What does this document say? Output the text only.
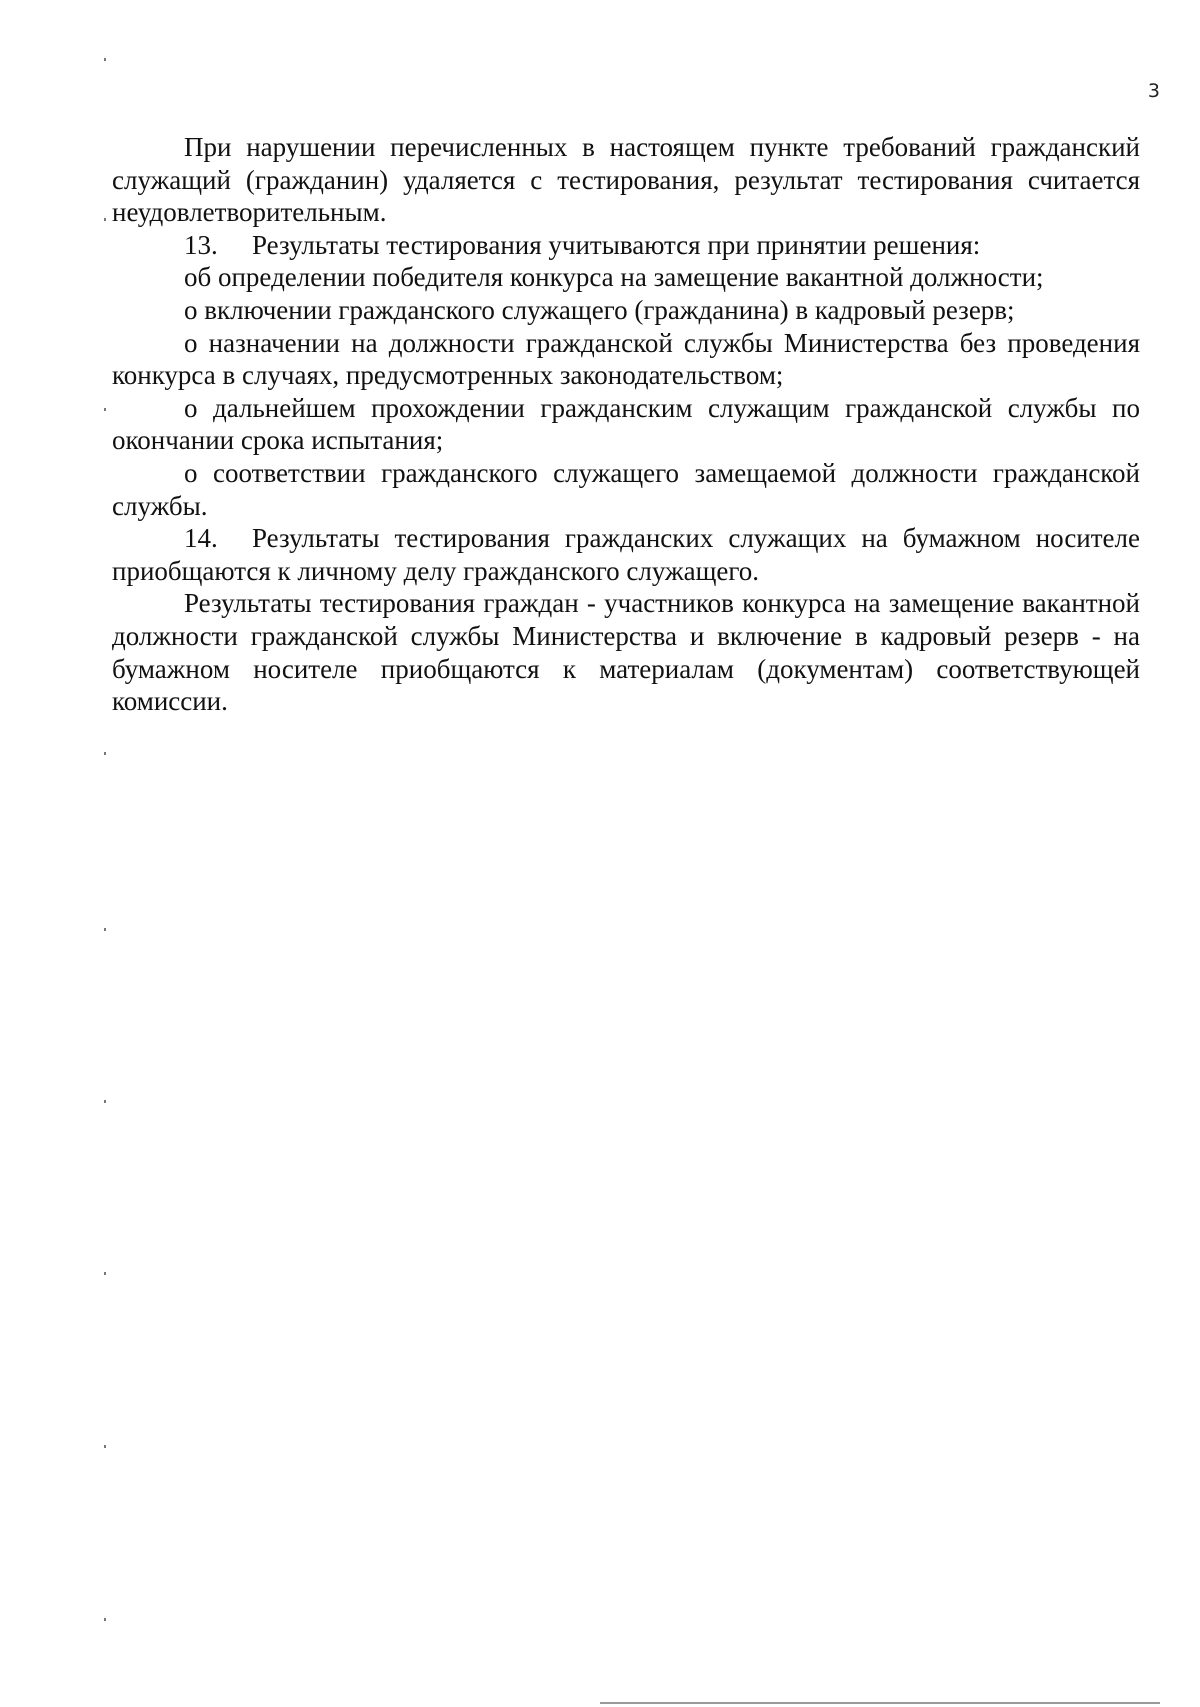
3

При нарушении перечисленных в настоящем пункте требований гражданский служащий (гражданин) удаляется с тестирования, результат тестирования считается неудовлетворительным.

13. Результаты тестирования учитываются при принятии решения:

об определении победителя конкурса на замещение вакантной должности;

о включении гражданского служащего (гражданина) в кадровый резерв;

о назначении на должности гражданской службы Министерства без проведения конкурса в случаях, предусмотренных законодательством;

о дальнейшем прохождении гражданским служащим гражданской службы по окончании срока испытания;

о соответствии гражданского служащего замещаемой должности гражданской службы.

14. Результаты тестирования гражданских служащих на бумажном носителе приобщаются к личному делу гражданского служащего.

Результаты тестирования граждан - участников конкурса на замещение вакантной должности гражданской службы Министерства и включение в кадровый резерв - на бумажном носителе приобщаются к материалам (документам) соответствующей комиссии.
